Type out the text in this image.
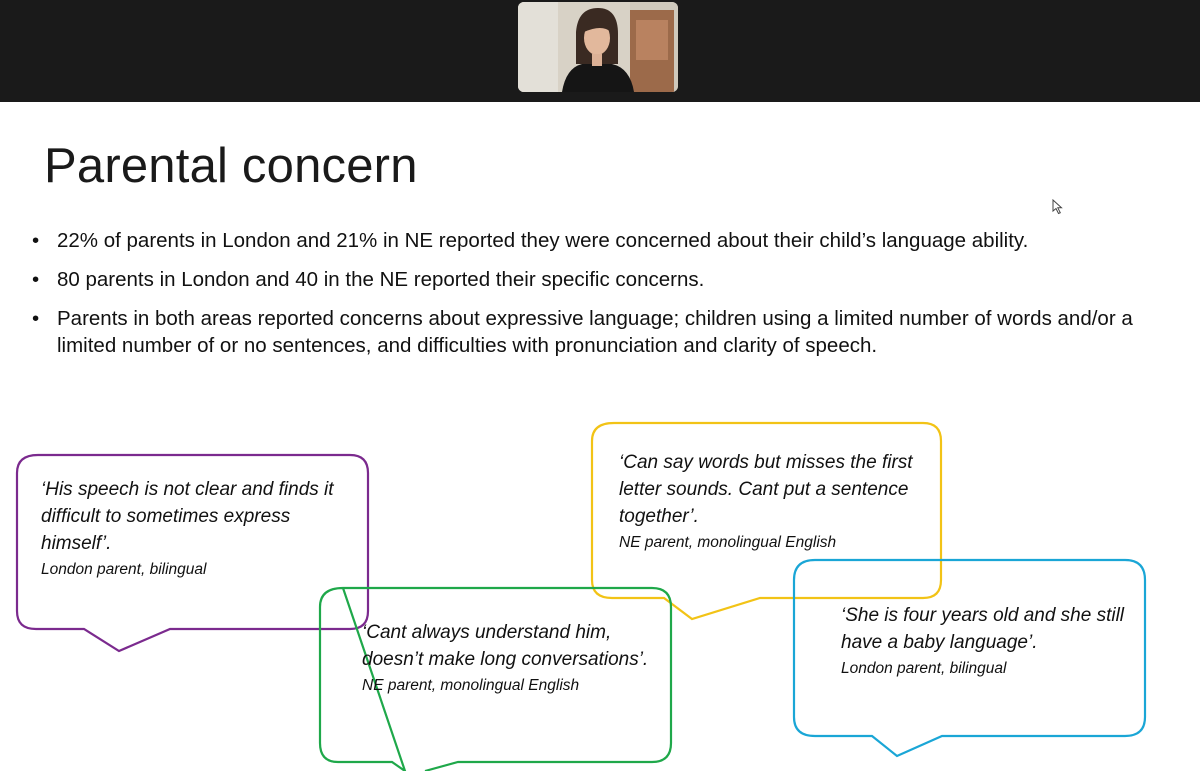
Parental concern
• 22% of parents in London and 21% in NE reported they were concerned about their child’s language ability.
• 80 parents in London and 40 in the NE reported their specific concerns.
• Parents in both areas reported concerns about expressive language; children using a limited number of words and/or a limited number of or no sentences, and difficulties with pronunciation and clarity of speech.
‘His speech is not clear and finds it difficult to sometimes express himself’.
London parent, bilingual
‘Can say words but misses the first letter sounds. Cant put a sentence together’.
NE parent, monolingual English
‘Cant always understand him, doesn’t make long conversations’.
NE parent, monolingual English
‘She is four years old and she still have a baby language’.
London parent, bilingual
